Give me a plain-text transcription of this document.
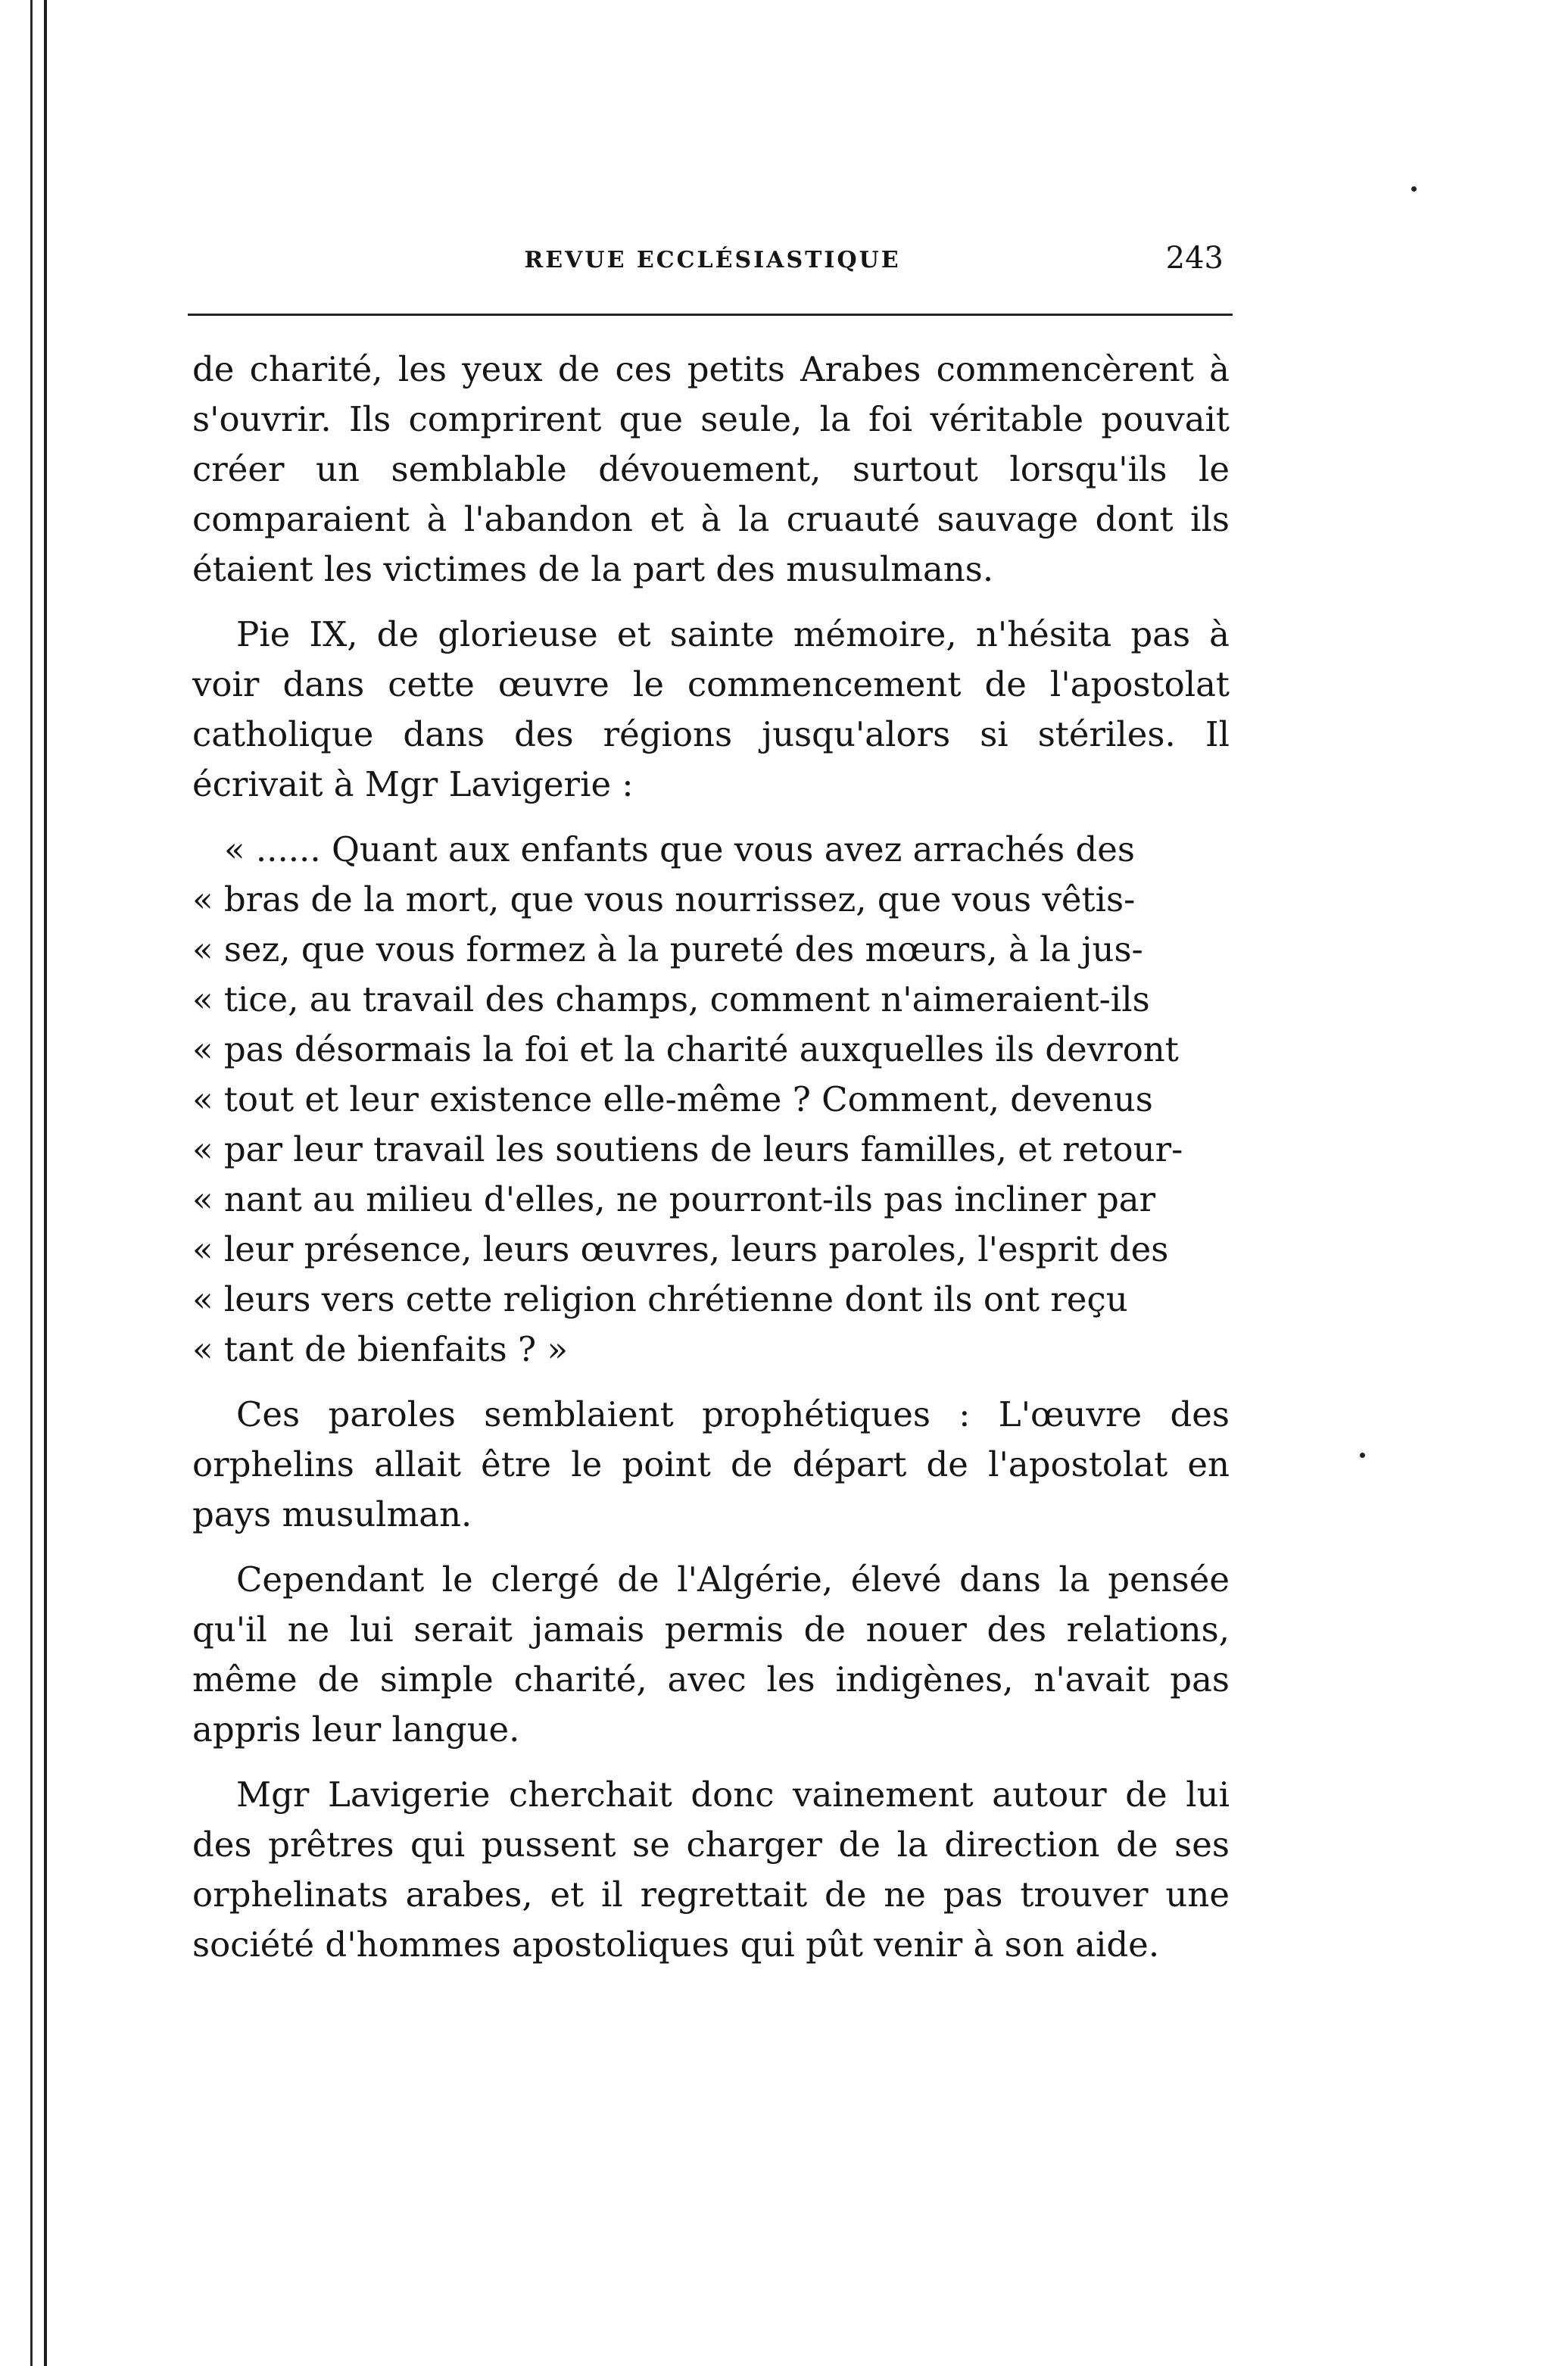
REVUE ECCLÉSIASTIQUE	243

de charité, les yeux de ces petits Arabes commencèrent à s'ouvrir. Ils comprirent que seule, la foi véritable pouvait créer un semblable dévouement, surtout lorsqu'ils le comparaient à l'abandon et à la cruauté sauvage dont ils étaient les victimes de la part des musulmans.

Pie IX, de glorieuse et sainte mémoire, n'hésita pas à voir dans cette œuvre le commencement de l'apostolat catholique dans des régions jusqu'alors si stériles. Il écrivait à Mgr Lavigerie :

« ...... Quant aux enfants que vous avez arrachés des
« bras de la mort, que vous nourrissez, que vous vêtis-
« sez, que vous formez à la pureté des mœurs, à la jus-
« tice, au travail des champs, comment n'aimeraient-ils
« pas désormais la foi et la charité auxquelles ils devront
« tout et leur existence elle-même ? Comment, devenus
« par leur travail les soutiens de leurs familles, et retour-
« nant au milieu d'elles, ne pourront-ils pas incliner par
« leur présence, leurs œuvres, leurs paroles, l'esprit des
« leurs vers cette religion chrétienne dont ils ont reçu
« tant de bienfaits ? »

Ces paroles semblaient prophétiques : L'œuvre des orphelins allait être le point de départ de l'apostolat en pays musulman.

Cependant le clergé de l'Algérie, élevé dans la pensée qu'il ne lui serait jamais permis de nouer des relations, même de simple charité, avec les indigènes, n'avait pas appris leur langue.

Mgr Lavigerie cherchait donc vainement autour de lui des prêtres qui pussent se charger de la direction de ses orphelinats arabes, et il regrettait de ne pas trouver une société d'hommes apostoliques qui pût venir à son aide.
